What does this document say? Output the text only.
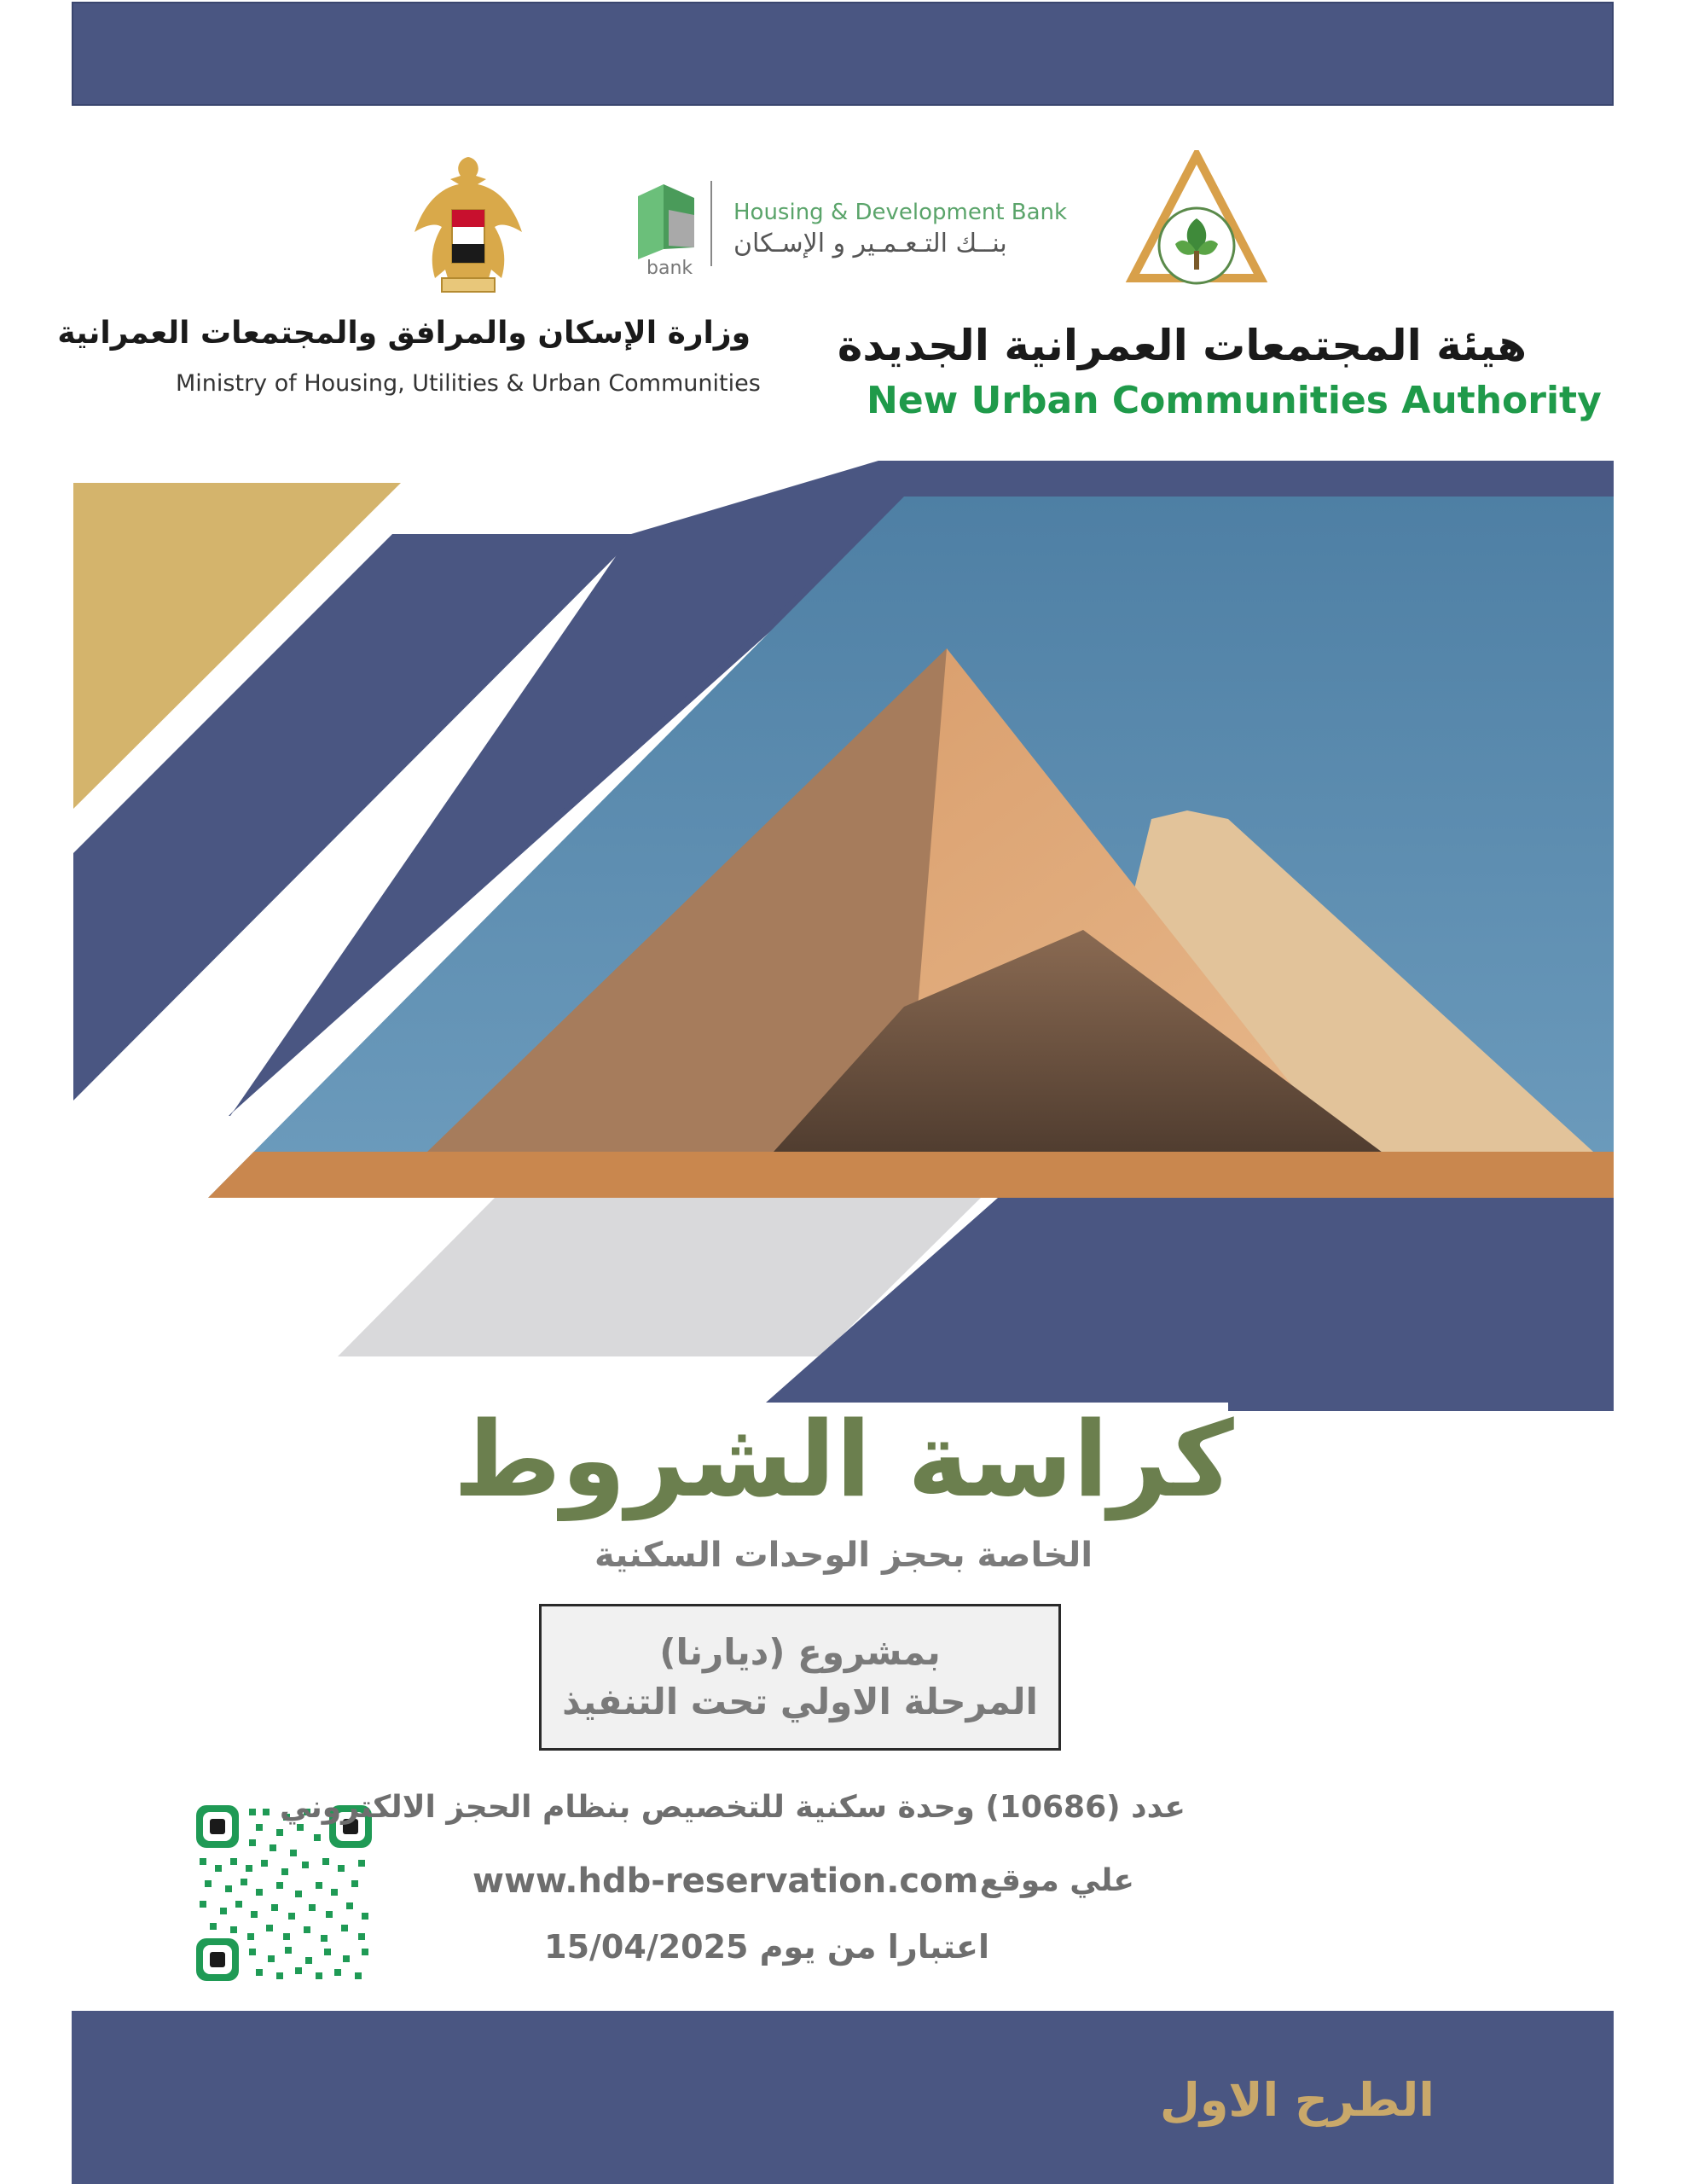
bank
Housing & Development Bank
بنــك التـعـمـير و الإسـكان
وزارة الإسكان والمرافق والمجتمعات العمرانية
Ministry of Housing, Utilities & Urban Communities
هيئة المجتمعات العمرانية الجديدة
New Urban Communities Authority
كراسة الشروط
الخاصة بحجز الوحدات السكنية
بمشروع (ديارنا)
المرحلة الاولي تحت التنفيذ
عدد (10686) وحدة سكنية للتخصيص بنظام الحجز الالكتروني
علي موقع
www.hdb-reservation.com
اعتبارا من يوم 15/04/2025
الطرح الاول
